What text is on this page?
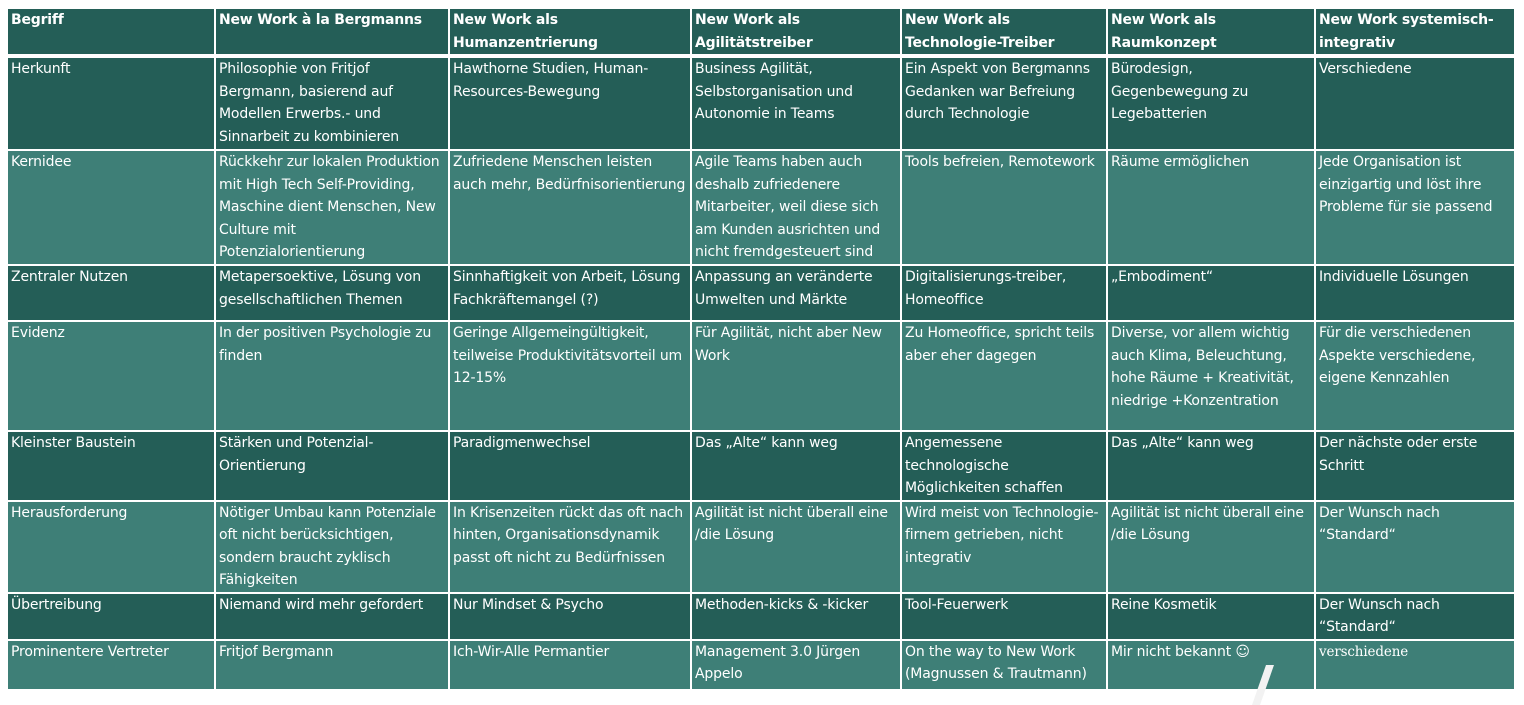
Begriff	New Work à la Bergmanns	New Work als Humanzentrierung	New Work als Agilitätstreiber	New Work als Technologie-Treiber	New Work als Raumkonzept	New Work systemisch-integrativ
Herkunft	Philosophie von Fritjof Bergmann, basierend auf Modellen Erwerbs.- und Sinnarbeit zu kombinieren	Hawthorne Studien, Human-Resources-Bewegung	Business Agilität, Selbstorganisation und Autonomie in Teams	Ein Aspekt von Bergmanns Gedanken war Befreiung durch Technologie	Bürodesign, Gegenbewegung zu Legebatterien	Verschiedene
Kernidee	Rückkehr zur lokalen Produktion mit High Tech Self-Providing, Maschine dient Menschen, New Culture mit Potenzialorientierung	Zufriedene Menschen leisten auch mehr, Bedürfnisorientierung	Agile Teams haben auch deshalb zufriedenere Mitarbeiter, weil diese sich am Kunden ausrichten und nicht fremdgesteuert sind	Tools befreien, Remotework	Räume ermöglichen	Jede Organisation ist einzigartig und löst ihre Probleme für sie passend
Zentraler Nutzen	Metapersoektive, Lösung von gesellschaftlichen Themen	Sinnhaftigkeit von Arbeit, Lösung Fachkräftemangel (?)	Anpassung an veränderte Umwelten und Märkte	Digitalisierungs-treiber, Homeoffice	„Embodiment“	Individuelle Lösungen
Evidenz	In der positiven Psychologie zu finden	Geringe Allgemeingültigkeit, teilweise Produktivitätsvorteil um 12-15%	Für Agilität, nicht aber New Work	Zu Homeoffice, spricht teils aber eher dagegen	Diverse, vor allem wichtig auch Klima, Beleuchtung, hohe Räume + Kreativität, niedrige +Konzentration	Für die verschiedenen Aspekte verschiedene, eigene Kennzahlen
Kleinster Baustein	Stärken und Potenzial-Orientierung	Paradigmenwechsel	Das „Alte“ kann weg	Angemessene technologische Möglichkeiten schaffen	Das „Alte“ kann weg	Der nächste oder erste Schritt
Herausforderung	Nötiger Umbau kann Potenziale oft nicht berücksichtigen, sondern braucht zyklisch Fähigkeiten	In Krisenzeiten rückt das oft nach hinten, Organisationsdynamik passt oft nicht zu Bedürfnissen	Agilität ist nicht überall eine /die Lösung	Wird meist von Technologie-firnem getrieben, nicht integrativ	Agilität ist nicht überall eine /die Lösung	Der Wunsch nach “Standard“
Übertreibung	Niemand wird mehr gefordert	Nur Mindset & Psycho	Methoden-kicks & -kicker	Tool-Feuerwerk	Reine Kosmetik	Der Wunsch nach “Standard“
Prominentere Vertreter	Fritjof Bergmann	Ich-Wir-Alle Permantier	Management 3.0 Jürgen Appelo	On the way to New Work (Magnussen & Trautmann)	Mir nicht bekannt ☺	verschiedene
